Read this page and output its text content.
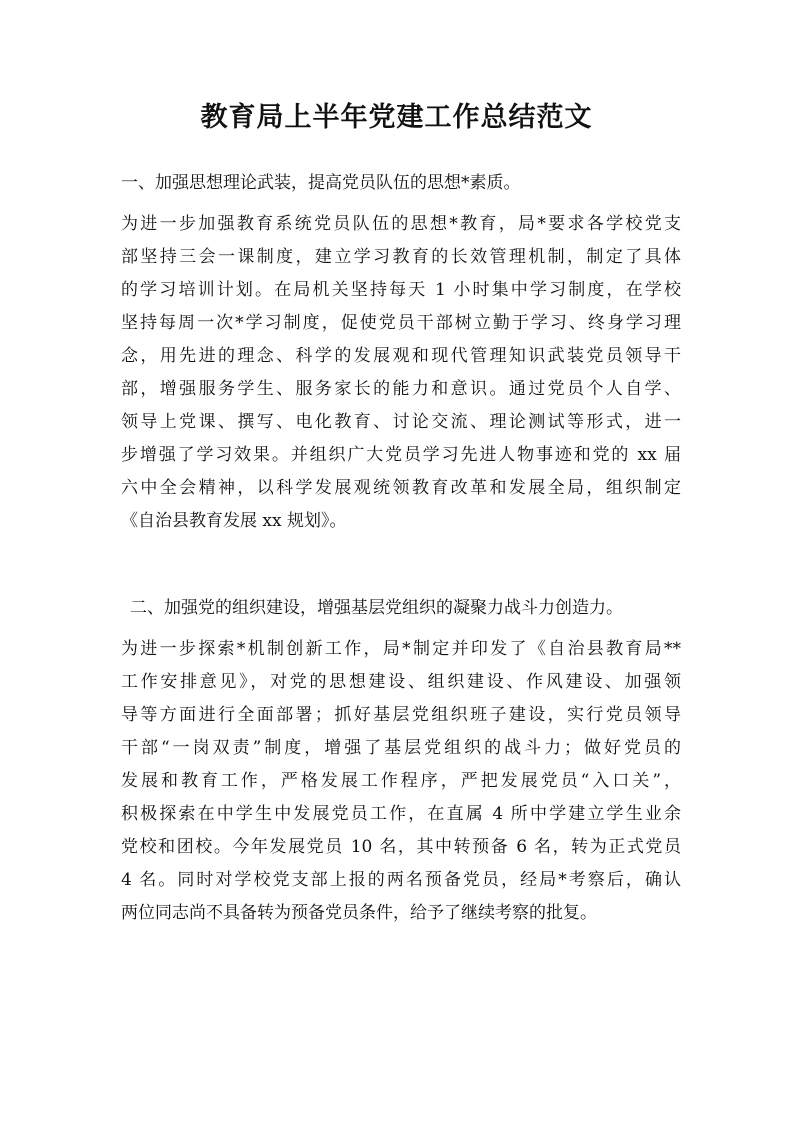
教育局上半年党建工作总结范文

一、加强思想理论武装，提高党员队伍的思想*素质。

为进一步加强教育系统党员队伍的思想*教育，局*要求各学校党支
部坚持三会一课制度，建立学习教育的长效管理机制，制定了具体
的学习培训计划。在局机关坚持每天 1 小时集中学习制度，在学校
坚持每周一次*学习制度，促使党员干部树立勤于学习、终身学习理
念，用先进的理念、科学的发展观和现代管理知识武装党员领导干
部，增强服务学生、服务家长的能力和意识。通过党员个人自学、
领导上党课、撰写、电化教育、讨论交流、理论测试等形式，进一
步增强了学习效果。并组织广大党员学习先进人物事迹和党的 xx 届
六中全会精神，以科学发展观统领教育改革和发展全局，组织制定
《自治县教育发展 xx 规划》。

二、加强党的组织建设，增强基层党组织的凝聚力战斗力创造力。

为进一步探索*机制创新工作，局*制定并印发了《自治县教育局**
工作安排意见》，对党的思想建设、组织建设、作风建设、加强领
导等方面进行全面部署；抓好基层党组织班子建设，实行党员领导
干部“一岗双责”制度，增强了基层党组织的战斗力；做好党员的
发展和教育工作，严格发展工作程序，严把发展党员“入口关”，
积极探索在中学生中发展党员工作，在直属 4 所中学建立学生业余
党校和团校。今年发展党员 10 名，其中转预备 6 名，转为正式党员
4 名。同时对学校党支部上报的两名预备党员，经局*考察后，确认
两位同志尚不具备转为预备党员条件，给予了继续考察的批复。
